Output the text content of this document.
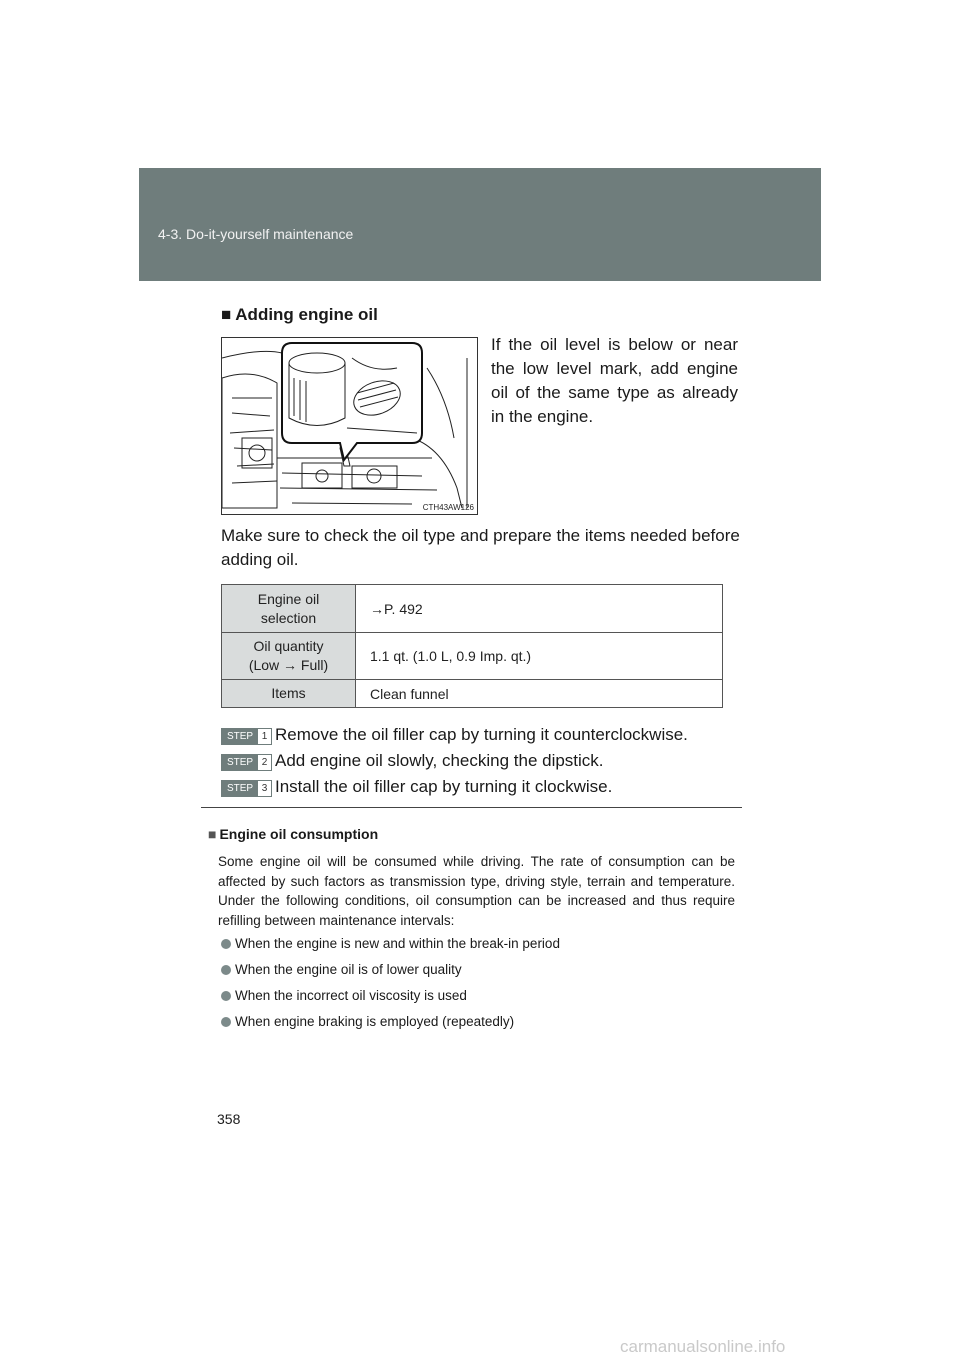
4-3. Do-it-yourself maintenance
■ Adding engine oil
CTH43AW126
If the oil level is below or near the low level mark, add engine oil of the same type as already in the engine.
Make sure to check the oil type and prepare the items needed before adding oil.
Engine oil
selection	→P. 492

Oil quantity
(Low → Full)	1.1 qt. (1.0 L, 0.9 Imp. qt.)

Items	Clean funnel
STEP 1 Remove the oil filler cap by turning it counterclockwise.
STEP 2 Add engine oil slowly, checking the dipstick.
STEP 3 Install the oil filler cap by turning it clockwise.
■ Engine oil consumption
Some engine oil will be consumed while driving. The rate of consumption can be affected by such factors as transmission type, driving style, terrain and temperature. Under the following conditions, oil consumption can be increased and thus require refilling between maintenance intervals:
When the engine is new and within the break-in period
When the engine oil is of lower quality
When the incorrect oil viscosity is used
When engine braking is employed (repeatedly)
358
carmanualsonline.info
